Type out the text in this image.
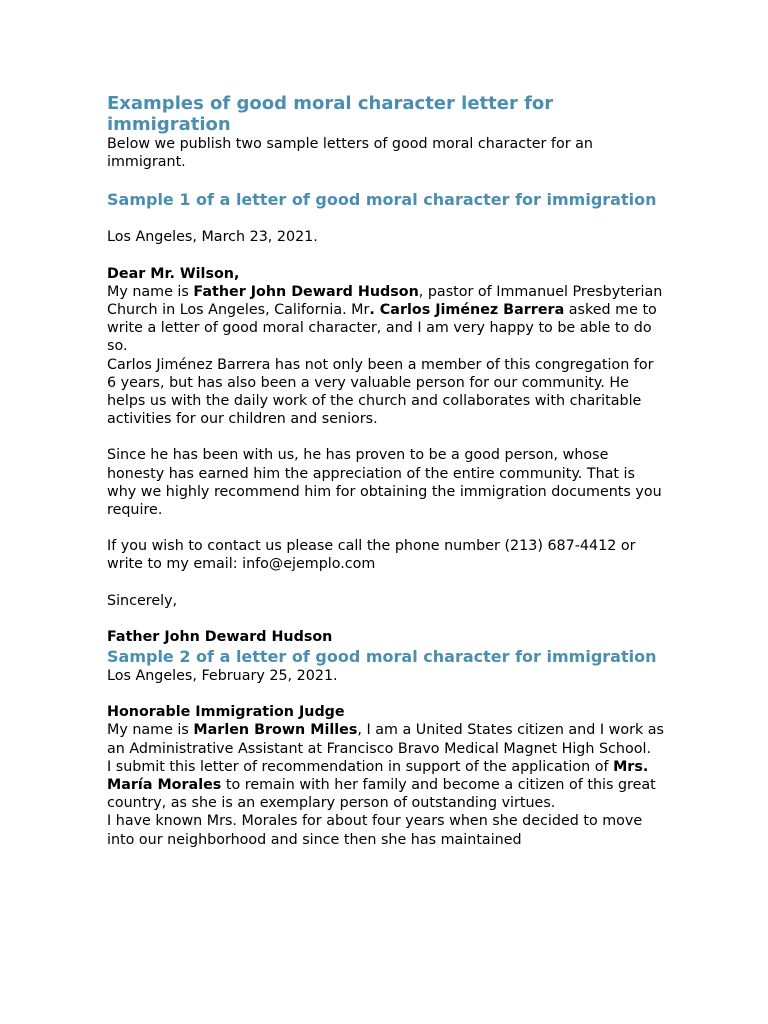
Examples of good moral character letter for immigration

Below we publish two sample letters of good moral character for an immigrant.

Sample 1 of a letter of good moral character for immigration

Los Angeles, March 23, 2021.

Dear Mr. Wilson,

My name is Father John Deward Hudson, pastor of Immanuel Presbyterian Church in Los Angeles, California. Mr. Carlos Jiménez Barrera asked me to write a letter of good moral character, and I am very happy to be able to do so.

Carlos Jiménez Barrera has not only been a member of this congregation for 6 years, but has also been a very valuable person for our community. He helps us with the daily work of the church and collaborates with charitable activities for our children and seniors.

Since he has been with us, he has proven to be a good person, whose honesty has earned him the appreciation of the entire community. That is why we highly recommend him for obtaining the immigration documents you require.

If you wish to contact us please call the phone number (213) 687-4412 or write to my email: info@ejemplo.com

Sincerely,

Father John Deward Hudson

Sample 2 of a letter of good moral character for immigration

Los Angeles, February 25, 2021.

Honorable Immigration Judge

My name is Marlen Brown Milles, I am a United States citizen and I work as an Administrative Assistant at Francisco Bravo Medical Magnet High School.

I submit this letter of recommendation in support of the application of Mrs. María Morales to remain with her family and become a citizen of this great country, as she is an exemplary person of outstanding virtues.

I have known Mrs. Morales for about four years when she decided to move into our neighborhood and since then she has maintained
